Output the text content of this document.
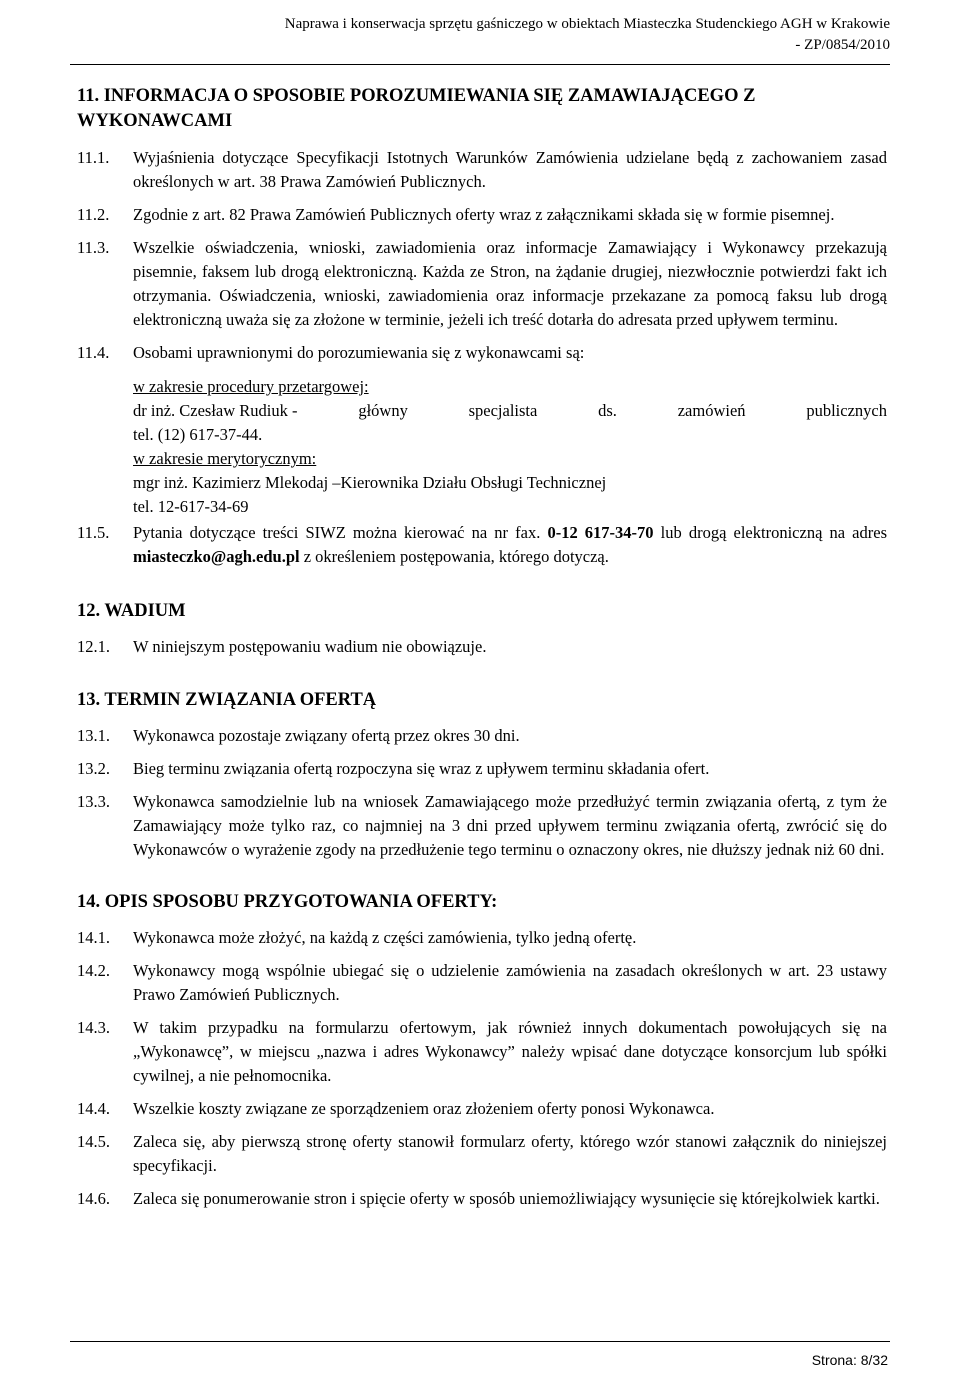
Naprawa i konserwacja sprzętu gaśniczego w obiektach Miasteczka Studenckiego AGH w Krakowie
- ZP/0854/2010
11. INFORMACJA O SPOSOBIE POROZUMIEWANIA SIĘ ZAMAWIAJĄCEGO Z WYKONAWCAMI
11.1.	Wyjaśnienia dotyczące Specyfikacji Istotnych Warunków Zamówienia udzielane będą z zachowaniem zasad określonych w art. 38 Prawa Zamówień Publicznych.
11.2.	Zgodnie z art. 82 Prawa Zamówień Publicznych oferty wraz z załącznikami składa się w formie pisemnej.
11.3.	Wszelkie oświadczenia, wnioski, zawiadomienia oraz informacje Zamawiający i Wykonawcy przekazują pisemnie, faksem lub drogą elektroniczną. Każda ze Stron, na żądanie drugiej, niezwłocznie potwierdzi fakt ich otrzymania. Oświadczenia, wnioski, zawiadomienia oraz informacje przekazane za pomocą faksu lub drogą elektroniczną uważa się za złożone w terminie, jeżeli ich treść dotarła do adresata przed upływem terminu.
11.4.	Osobami uprawnionymi do porozumiewania się z wykonawcami są:
w zakresie procedury przetargowej:
dr inż. Czesław Rudiuk -	główny	specjalista	ds.	zamówień	publicznych
tel. (12) 617-37-44.
w zakresie merytorycznym:
mgr inż. Kazimierz Mlekodaj –Kierownika Działu Obsługi Technicznej
tel. 12-617-34-69
11.5.	Pytania dotyczące treści SIWZ można kierować na nr fax. 0-12 617-34-70 lub drogą elektroniczną na adres miasteczko@agh.edu.pl z określeniem postępowania, którego dotyczą.
12. WADIUM
12.1.	W niniejszym postępowaniu wadium nie obowiązuje.
13. TERMIN ZWIĄZANIA OFERTĄ
13.1.	Wykonawca pozostaje związany ofertą przez okres 30 dni.
13.2.	Bieg terminu związania ofertą rozpoczyna się wraz z upływem terminu składania ofert.
13.3.	Wykonawca samodzielnie lub na wniosek Zamawiającego może przedłużyć termin związania ofertą, z tym że Zamawiający może tylko raz, co najmniej na 3 dni przed upływem terminu związania ofertą, zwrócić się do Wykonawców o wyrażenie zgody na przedłużenie tego terminu o oznaczony okres, nie dłuższy jednak niż 60 dni.
14. OPIS SPOSOBU PRZYGOTOWANIA OFERTY:
14.1.	Wykonawca może złożyć, na każdą z części zamówienia, tylko jedną ofertę.
14.2.	Wykonawcy mogą wspólnie ubiegać się o udzielenie zamówienia na zasadach określonych w art. 23 ustawy Prawo Zamówień Publicznych.
14.3.	W takim przypadku na formularzu ofertowym, jak również innych dokumentach powołujących się na „Wykonawcę”, w miejscu „nazwa i adres Wykonawcy” należy wpisać dane dotyczące konsorcjum lub spółki cywilnej, a nie pełnomocnika.
14.4.	Wszelkie koszty związane ze sporządzeniem oraz złożeniem oferty ponosi Wykonawca.
14.5.	Zaleca się, aby pierwszą stronę oferty stanowił formularz oferty, którego wzór stanowi załącznik do niniejszej specyfikacji.
14.6.	Zaleca się ponumerowanie stron i spięcie oferty w sposób uniemożliwiający wysunięcie się którejkolwiek kartki.
Strona: 8/32
